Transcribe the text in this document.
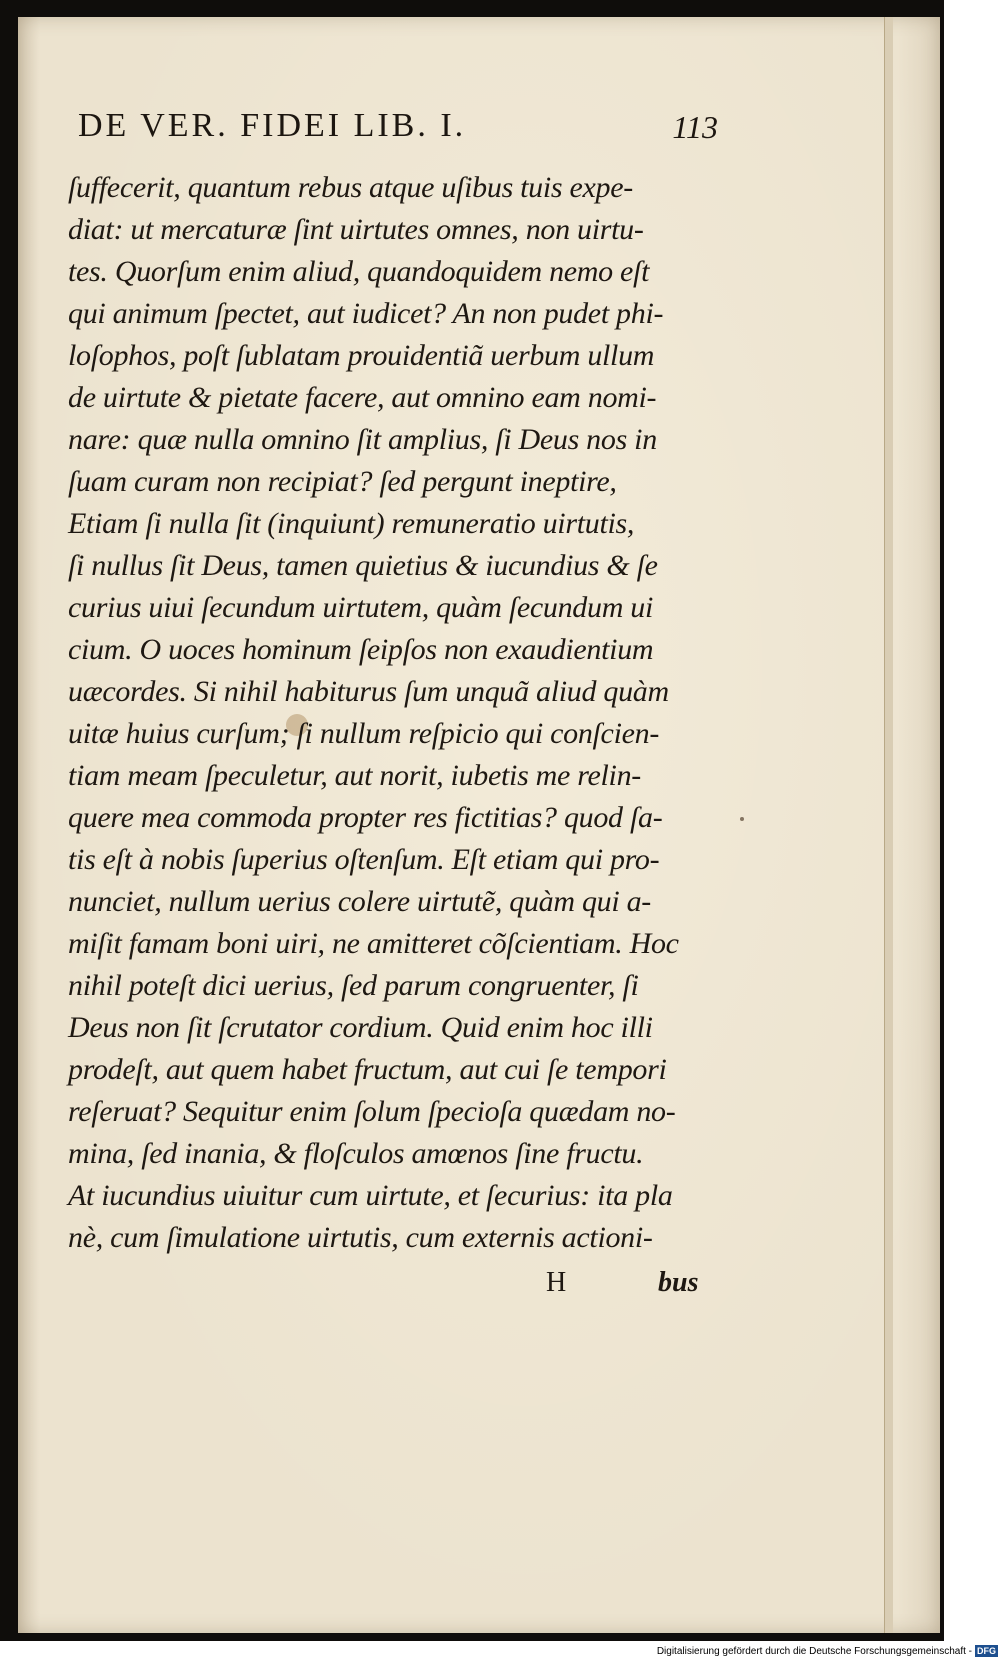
DE VER. FIDEI LIB. I.	113
ſuffecerit, quantum rebus atque uſibus tuis expe-
diat: ut mercaturæ ſint uirtutes omnes, non uirtu-
tes. Quorſum enim aliud, quandoquidem nemo eſt
qui animum ſpectet, aut iudicet? An non pudet phi-
loſophos, poſt ſublatam prouidentiã uerbum ullum
de uirtute & pietate facere, aut omnino eam nomi-
nare: quæ nulla omnino ſit amplius, ſi Deus nos in
ſuam curam non recipiat? ſed pergunt ineptire,
Etiam ſi nulla ſit (inquiunt) remuneratio uirtutis,
ſi nullus ſit Deus, tamen quietius & iucundius & ſe
curius uiui ſecundum uirtutem, quàm ſecundum ui
cium. O uoces hominum ſeipſos non exaudientium
uæcordes. Si nihil habiturus ſum unquã aliud quàm
uitæ huius curſum; ſi nullum reſpicio qui conſcien-
tiam meam ſpeculetur, aut norit, iubetis me relin-
quere mea commoda propter res fictitias? quod ſa-
tis eſt à nobis ſuperius oſtenſum. Eſt etiam qui pro-
nunciet, nullum uerius colere uirtutẽ, quàm qui a-
miſit famam boni uiri, ne amitteret cõſcientiam. Hoc
nihil poteſt dici uerius, ſed parum congruenter, ſi
Deus non ſit ſcrutator cordium. Quid enim hoc illi
prodeſt, aut quem habet fructum, aut cui ſe tempori
reſeruat? Sequitur enim ſolum ſpecioſa quædam no-
mina, ſed inania, & floſculos amœnos ſine fructu.
At iucundius uiuitur cum uirtute, et ſecurius: ita pla
nè, cum ſimulatione uirtutis, cum externis actioni-
H	bus
Digitalisierung gefördert durch die Deutsche Forschungsgemeinschaft - DFG
